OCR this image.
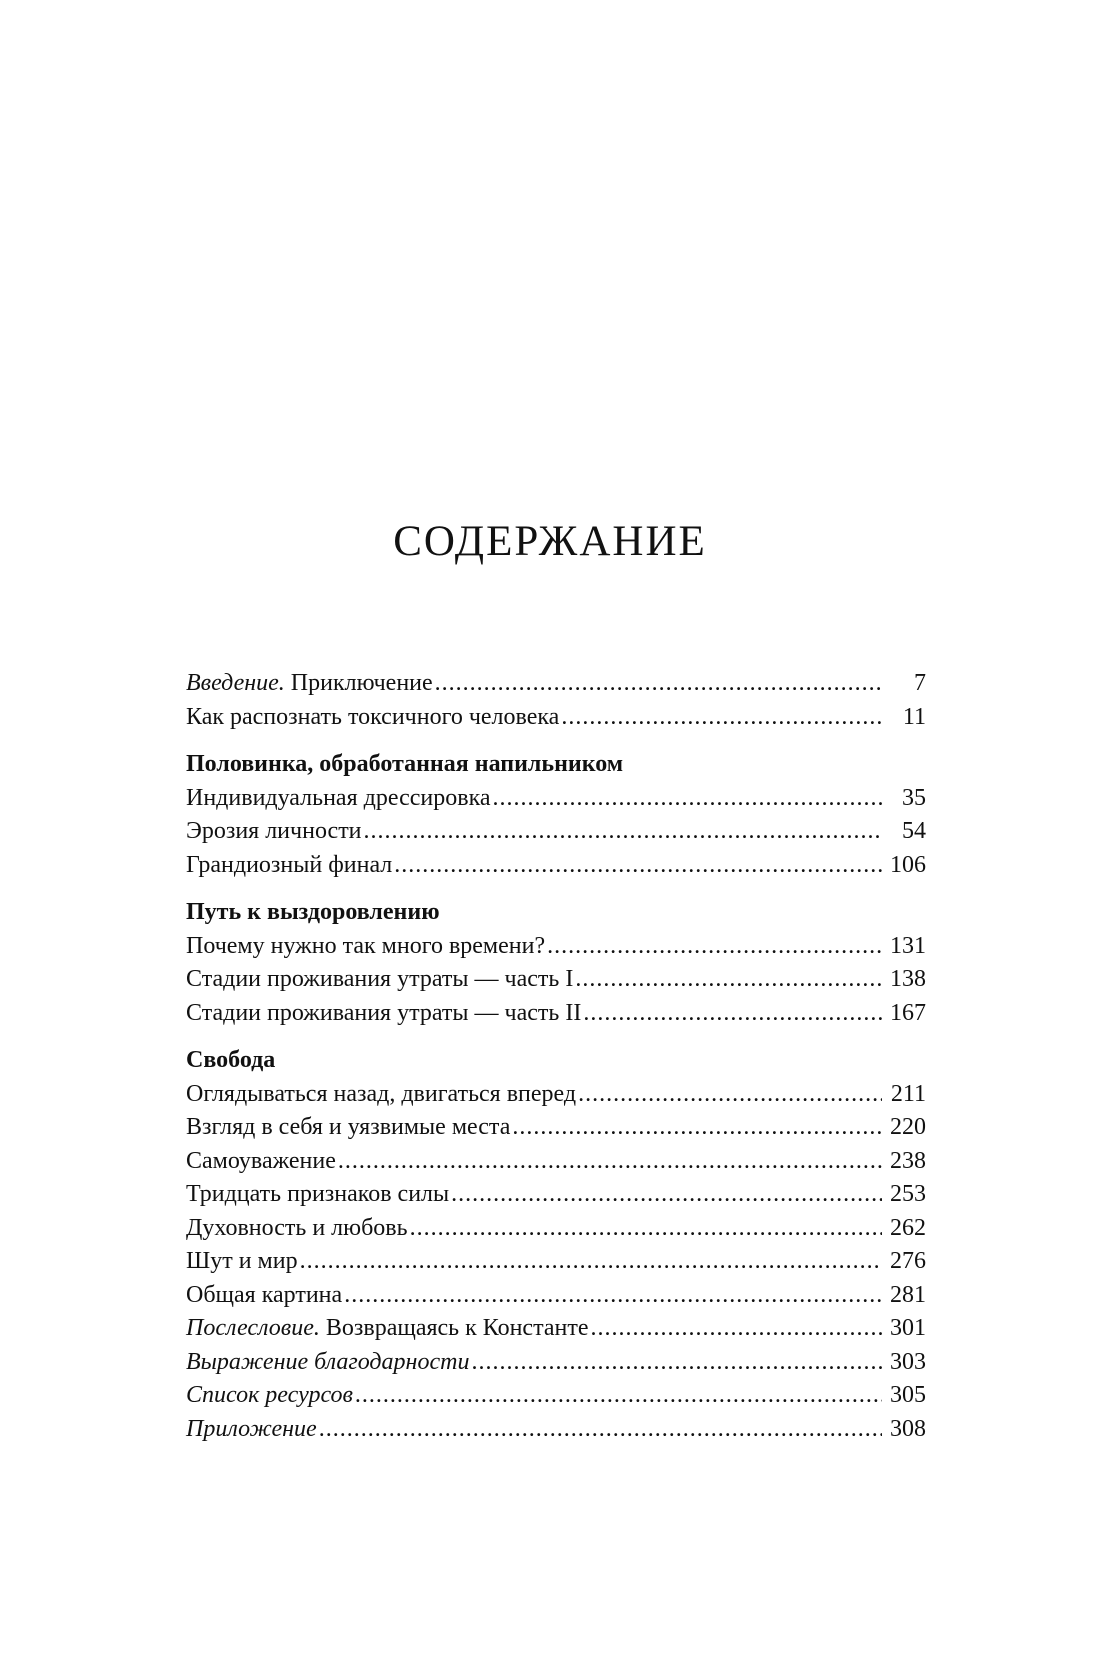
СОДЕРЖАНИЕ
Введение. Приключение .....	7
Как распознать токсичного человека .....	11
Половинка, обработанная напильником
Индивидуальная дрессировка .....	35
Эрозия личности .....	54
Грандиозный финал .....	106
Путь к выздоровлению
Почему нужно так много времени? .....	131
Стадии проживания утраты — часть I .....	138
Стадии проживания утраты — часть II .....	167
Свобода
Оглядываться назад, двигаться вперед .....	211
Взгляд в себя и уязвимые места .....	220
Самоуважение .....	238
Тридцать признаков силы .....	253
Духовность и любовь .....	262
Шут и мир .....	276
Общая картина .....	281
Послесловие. Возвращаясь к Константе .....	301
Выражение благодарности .....	303
Список ресурсов .....	305
Приложение .....	308
